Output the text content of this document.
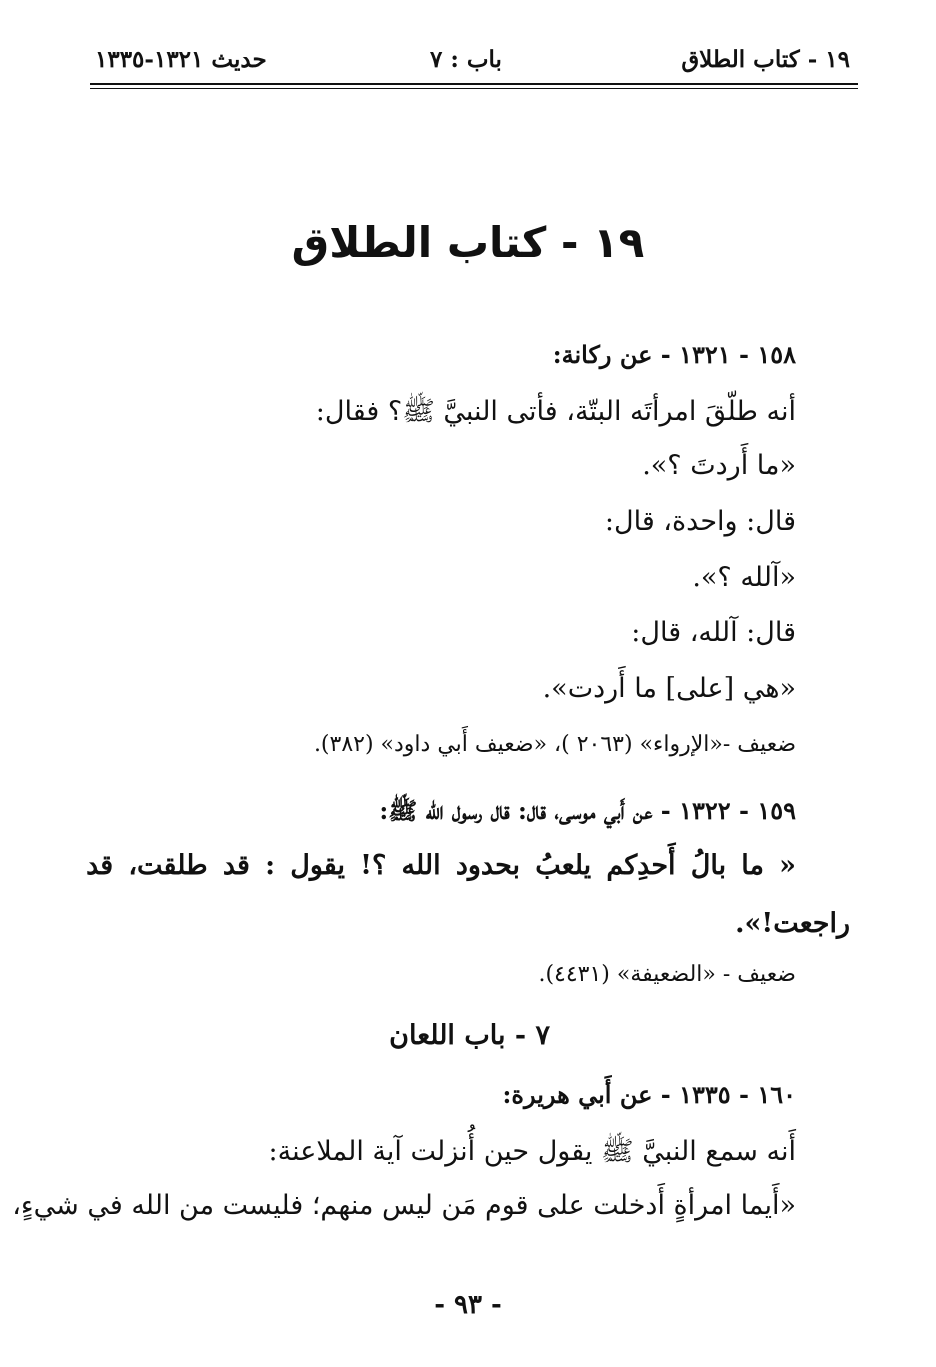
١٩ - كتاب الطلاق
باب : ٧
حديث ١٣٢١-١٣٣٥
١٩ - كتاب الطلاق
١٥٨ - ١٣٢١ - عن ركانة:
أنه طلّقَ امرأتَه البتّة، فأتى النبيَّ ﷺ؟ فقال:
«ما أَردتَ ؟».
قال: واحدة، قال:
«آلله ؟».
قال: آلله، قال:
«هي [على] ما أَردت».
ضعيف -«الإرواء» (٢٠٦٣ )، «ضعيف أَبي داود» (٣٨٢).
١٥٩ - ١٣٢٢ - عن أَبي موسى، قال: قال رسول الله ﷺ:
«
ما
بالُ
أَحدِكم
يلعبُ
بحدود
الله
؟!
يقول
:
قد
طلقت،
قد
راجعت!».
ضعيف - «الضعيفة» (٤٤٣١).
٧ - باب اللعان
١٦٠ - ١٣٣٥ - عن أَبي هريرة:
أَنه سمع النبيَّ ﷺ يقول حين أُنزلت آية الملاعنة:
«أَيما امرأةٍ أَدخلت على قوم مَن ليس منهم؛ فليست من الله في شيءٍ،
- ٩٣ -
